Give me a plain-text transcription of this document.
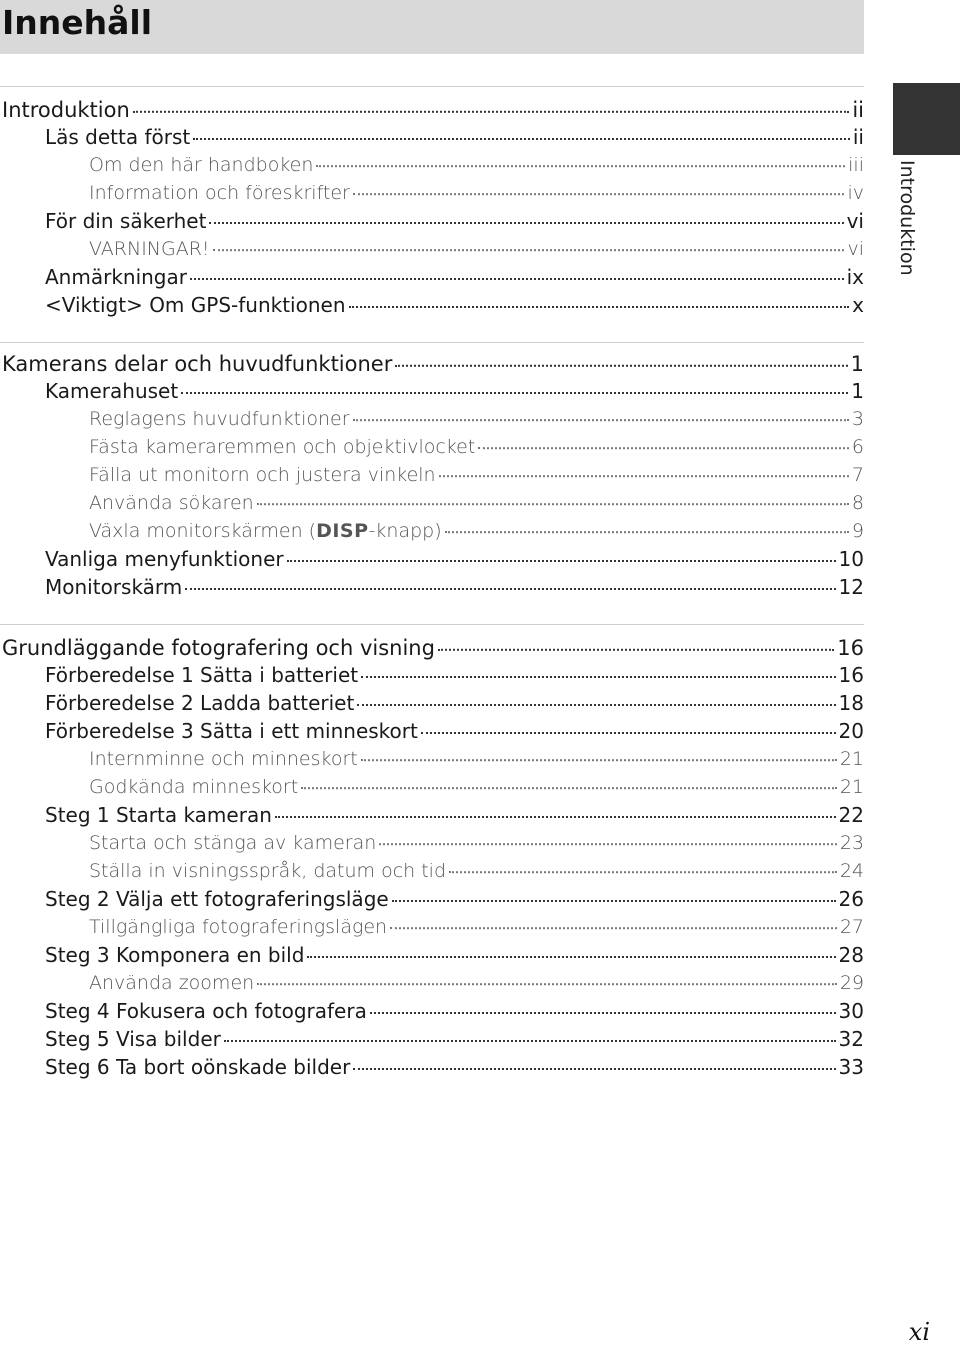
Innehåll
Introduktion	ii
Läs detta först	ii
Om den här handboken	iii
Information och föreskrifter	iv
För din säkerhet	vi
VARNINGAR!	vi
Anmärkningar	ix
<Viktigt> Om GPS-funktionen	x
Kamerans delar och huvudfunktioner	1
Kamerahuset	1
Reglagens huvudfunktioner	3
Fästa kameraremmen och objektivlocket	6
Fälla ut monitorn och justera vinkeln	7
Använda sökaren	8
Växla monitorskärmen (DISP-knapp)	9
Vanliga menyfunktioner	10
Monitorskärm	12
Grundläggande fotografering och visning	16
Förberedelse 1 Sätta i batteriet	16
Förberedelse 2 Ladda batteriet	18
Förberedelse 3 Sätta i ett minneskort	20
Internminne och minneskort	21
Godkända minneskort	21
Steg 1 Starta kameran	22
Starta och stänga av kameran	23
Ställa in visningsspråk, datum och tid	24
Steg 2 Välja ett fotograferingsläge	26
Tillgängliga fotograferingslägen	27
Steg 3 Komponera en bild	28
Använda zoomen	29
Steg 4 Fokusera och fotografera	30
Steg 5 Visa bilder	32
Steg 6 Ta bort oönskade bilder	33
Introduktion
xi
